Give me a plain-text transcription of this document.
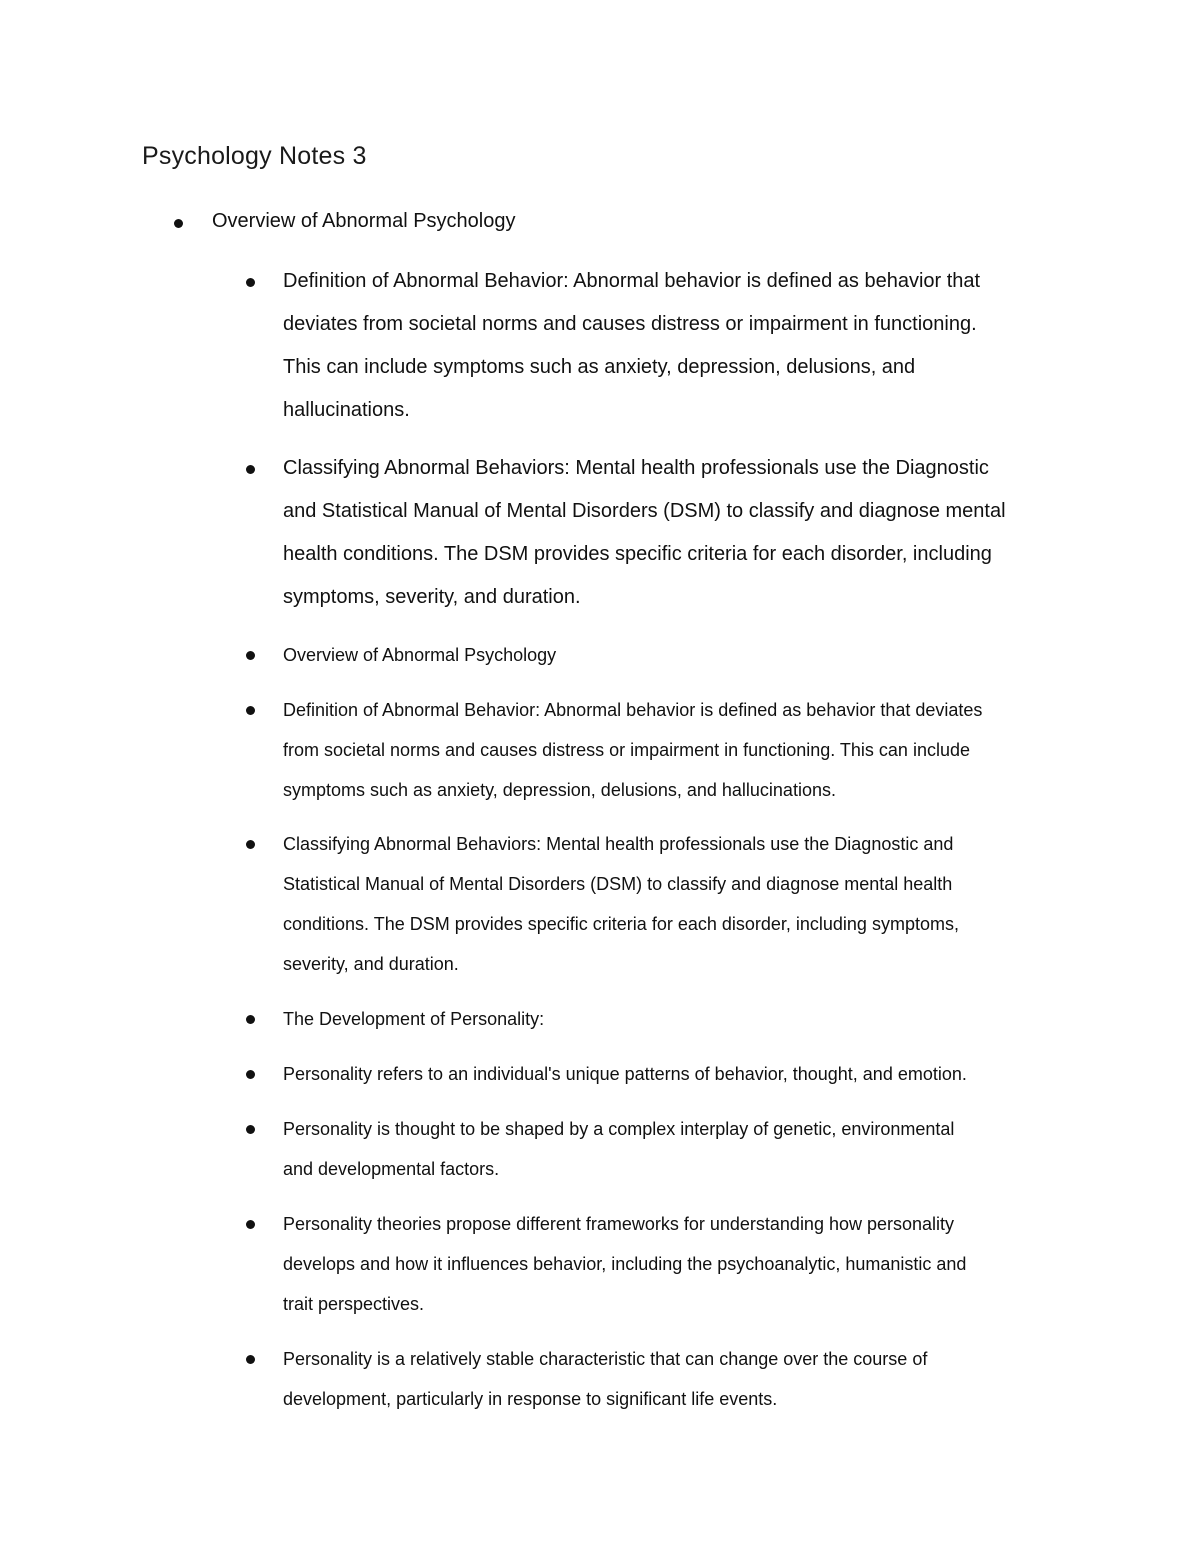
Psychology Notes 3
Overview of Abnormal Psychology
Definition of Abnormal Behavior: Abnormal behavior is defined as behavior that
deviates from societal norms and causes distress or impairment in functioning.
This can include symptoms such as anxiety, depression, delusions, and
hallucinations.
Classifying Abnormal Behaviors: Mental health professionals use the Diagnostic
and Statistical Manual of Mental Disorders (DSM) to classify and diagnose mental
health conditions. The DSM provides specific criteria for each disorder, including
symptoms, severity, and duration.
Overview of Abnormal Psychology
Definition of Abnormal Behavior: Abnormal behavior is defined as behavior that deviates
from societal norms and causes distress or impairment in functioning. This can include
symptoms such as anxiety, depression, delusions, and hallucinations.
Classifying Abnormal Behaviors: Mental health professionals use the Diagnostic and
Statistical Manual of Mental Disorders (DSM) to classify and diagnose mental health
conditions. The DSM provides specific criteria for each disorder, including symptoms,
severity, and duration.
The Development of Personality:
Personality refers to an individual's unique patterns of behavior, thought, and emotion.
Personality is thought to be shaped by a complex interplay of genetic, environmental
and developmental factors.
Personality theories propose different frameworks for understanding how personality
develops and how it influences behavior, including the psychoanalytic, humanistic and
trait perspectives.
Personality is a relatively stable characteristic that can change over the course of
development, particularly in response to significant life events.
